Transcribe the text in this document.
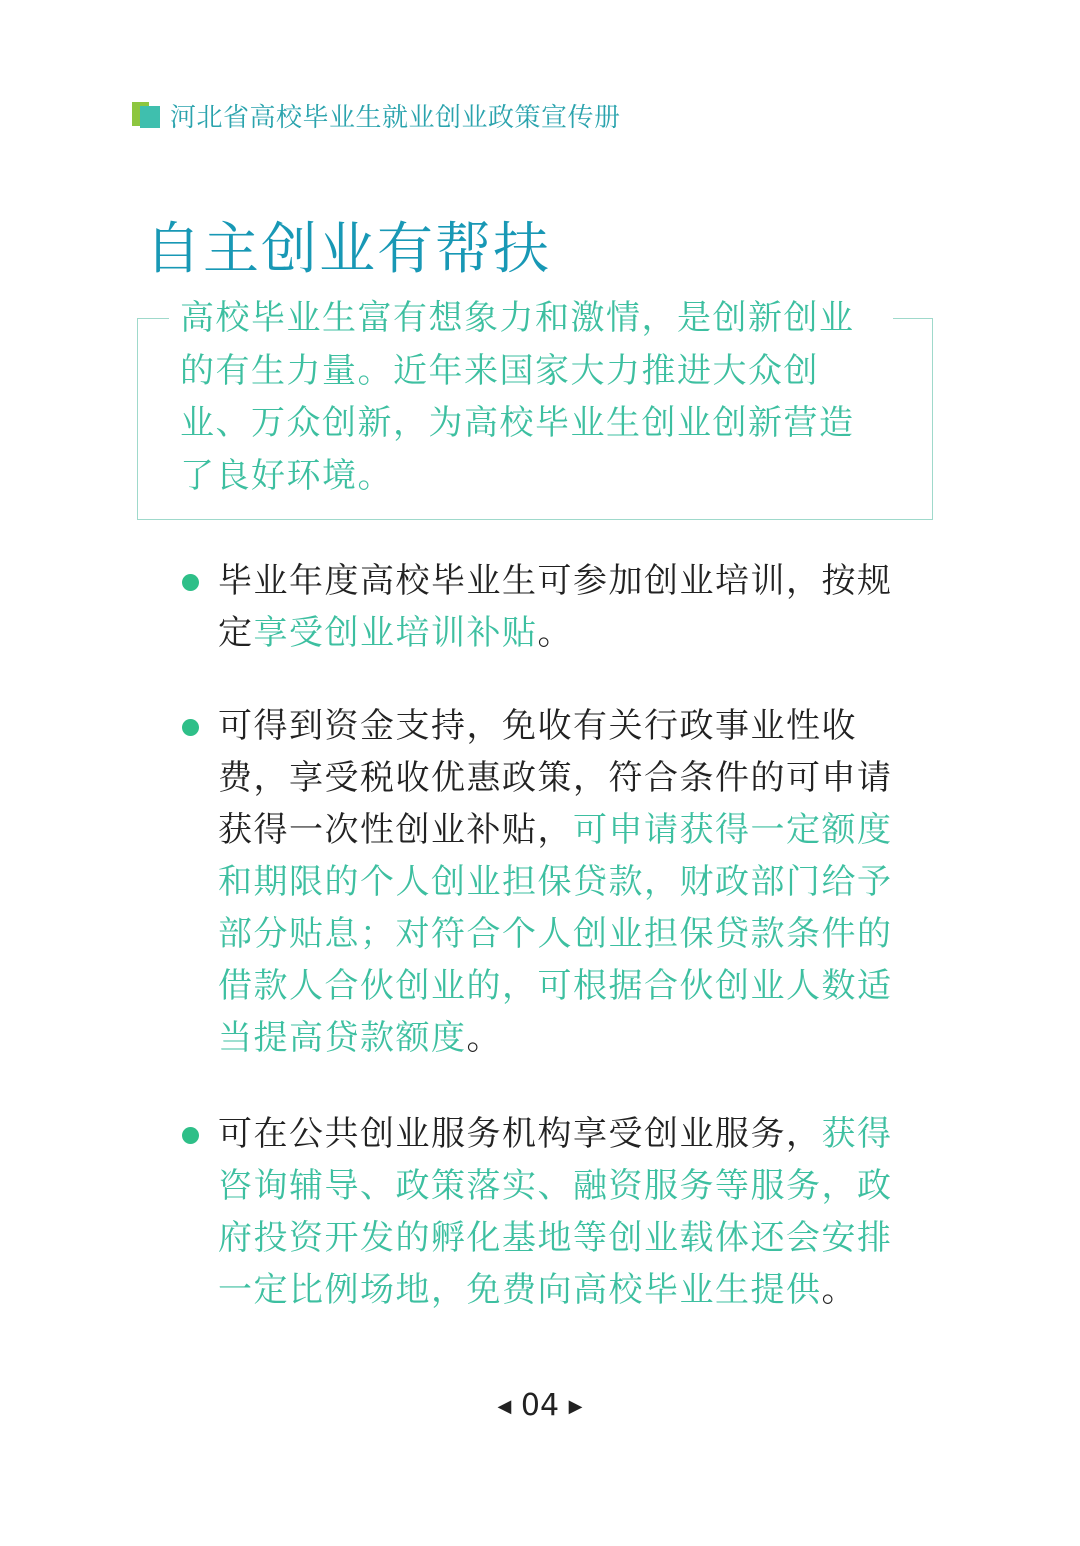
河北省高校毕业生就业创业政策宣传册
自主创业有帮扶

高校毕业生富有想象力和激情，是创新创业的有生力量。近年来国家大力推进大众创业、万众创新，为高校毕业生创业创新营造了良好环境。

毕业年度高校毕业生可参加创业培训，按规定享受创业培训补贴。

可得到资金支持，免收有关行政事业性收费，享受税收优惠政策，符合条件的可申请获得一次性创业补贴，可申请获得一定额度和期限的个人创业担保贷款，财政部门给予部分贴息；对符合个人创业担保贷款条件的借款人合伙创业的，可根据合伙创业人数适当提高贷款额度。

可在公共创业服务机构享受创业服务，获得咨询辅导、政策落实、融资服务等服务，政府投资开发的孵化基地等创业载体还会安排一定比例场地，免费向高校毕业生提供。

◀ 04 ▶
